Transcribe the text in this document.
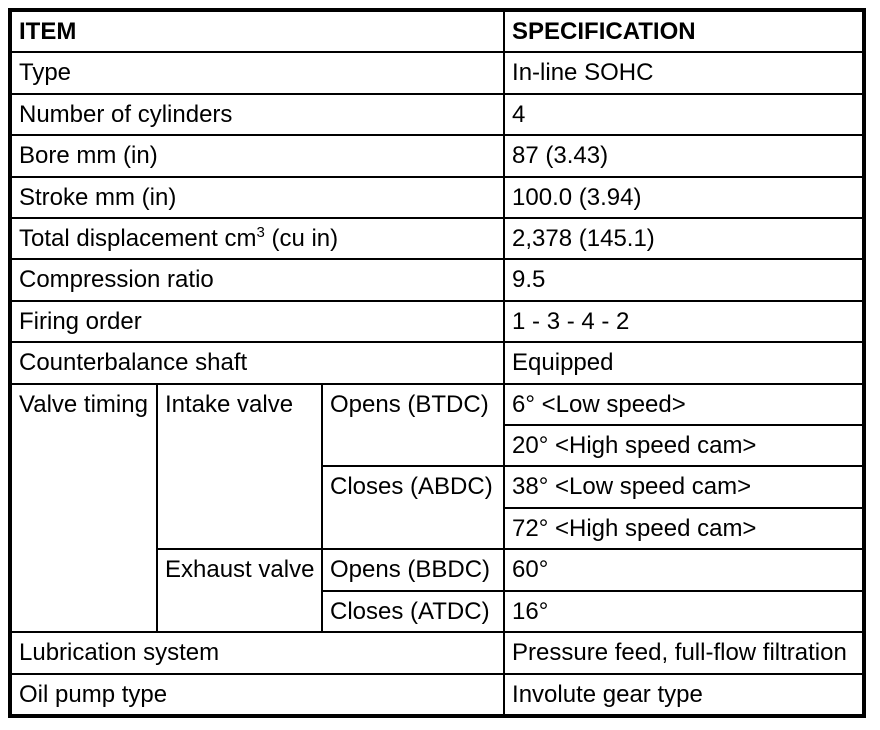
ITEM			SPECIFICATION
Type			In-line SOHC
Number of cylinders			4
Bore mm (in)			87 (3.43)
Stroke mm (in)			100.0 (3.94)
Total displacement $cm^3$ (cu in)			2,378 (145.1)
Compression ratio			9.5
Firing order			1 - 3 - 4 - 2
Counterbalance shaft			Equipped
Valve timing	Intake valve	Opens (BTDC)	6° <Low speed>
			20° <High speed cam>
		Closes (ABDC)	38° <Low speed cam>
			72° <High speed cam>
	Exhaust valve	Opens (BBDC)	60°
		Closes (ATDC)	16°
Lubrication system			Pressure feed, full-flow filtration
Oil pump type			Involute gear type
